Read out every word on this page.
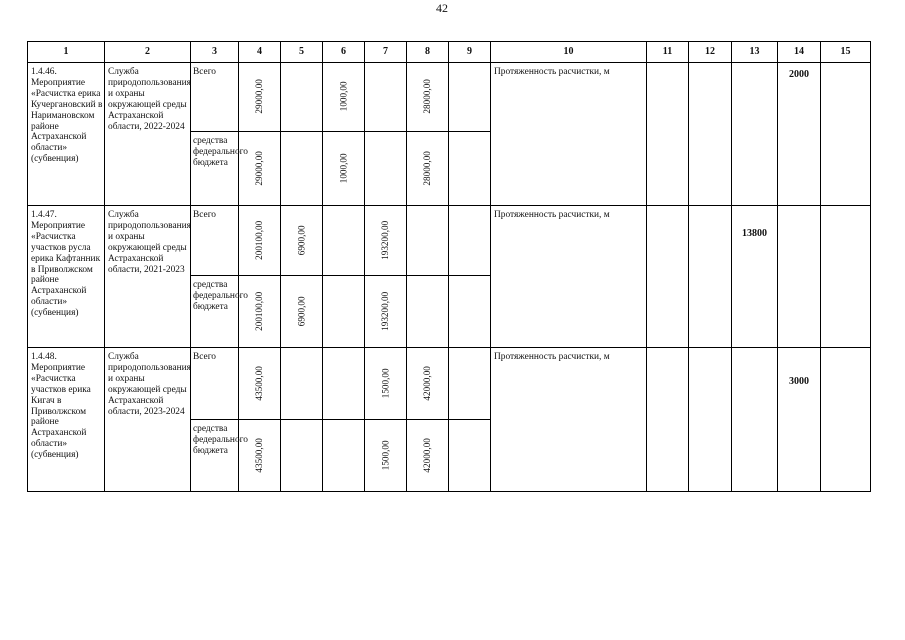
42
1	2	3	4	5	6	7	8	9	10	11	12	13	14	15
1.4.46. Мероприятие «Расчистка ерика Кучергановский в Наримановском районе Астраханской области» (субвенция)	Служба природопользования и охраны окружающей среды Астраханской области, 2022-2024	Всего	29000,00		1000,00		28000,00		Протяженность расчистки, м				2000	
		средства федерального бюджета	29000,00		1000,00		28000,00							
1.4.47. Мероприятие «Расчистка участков русла ерика Кафтанник в Приволжском районе Астраханской области» (субвенция)	Служба природопользования и охраны окружающей среды Астраханской области, 2021-2023	Всего	200100,00	6900,00		193200,00			Протяженность расчистки, м			13800		
		средства федерального бюджета	200100,00	6900,00		193200,00								
1.4.48. Мероприятие «Расчистка участков ерика Кигач в Приволжском районе Астраханской области» (субвенция)	Служба природопользования и охраны окружающей среды Астраханской области, 2023-2024	Всего	43500,00			1500,00	42000,00		Протяженность расчистки, м				3000	
		средства федерального бюджета	43500,00			1500,00	42000,00							
